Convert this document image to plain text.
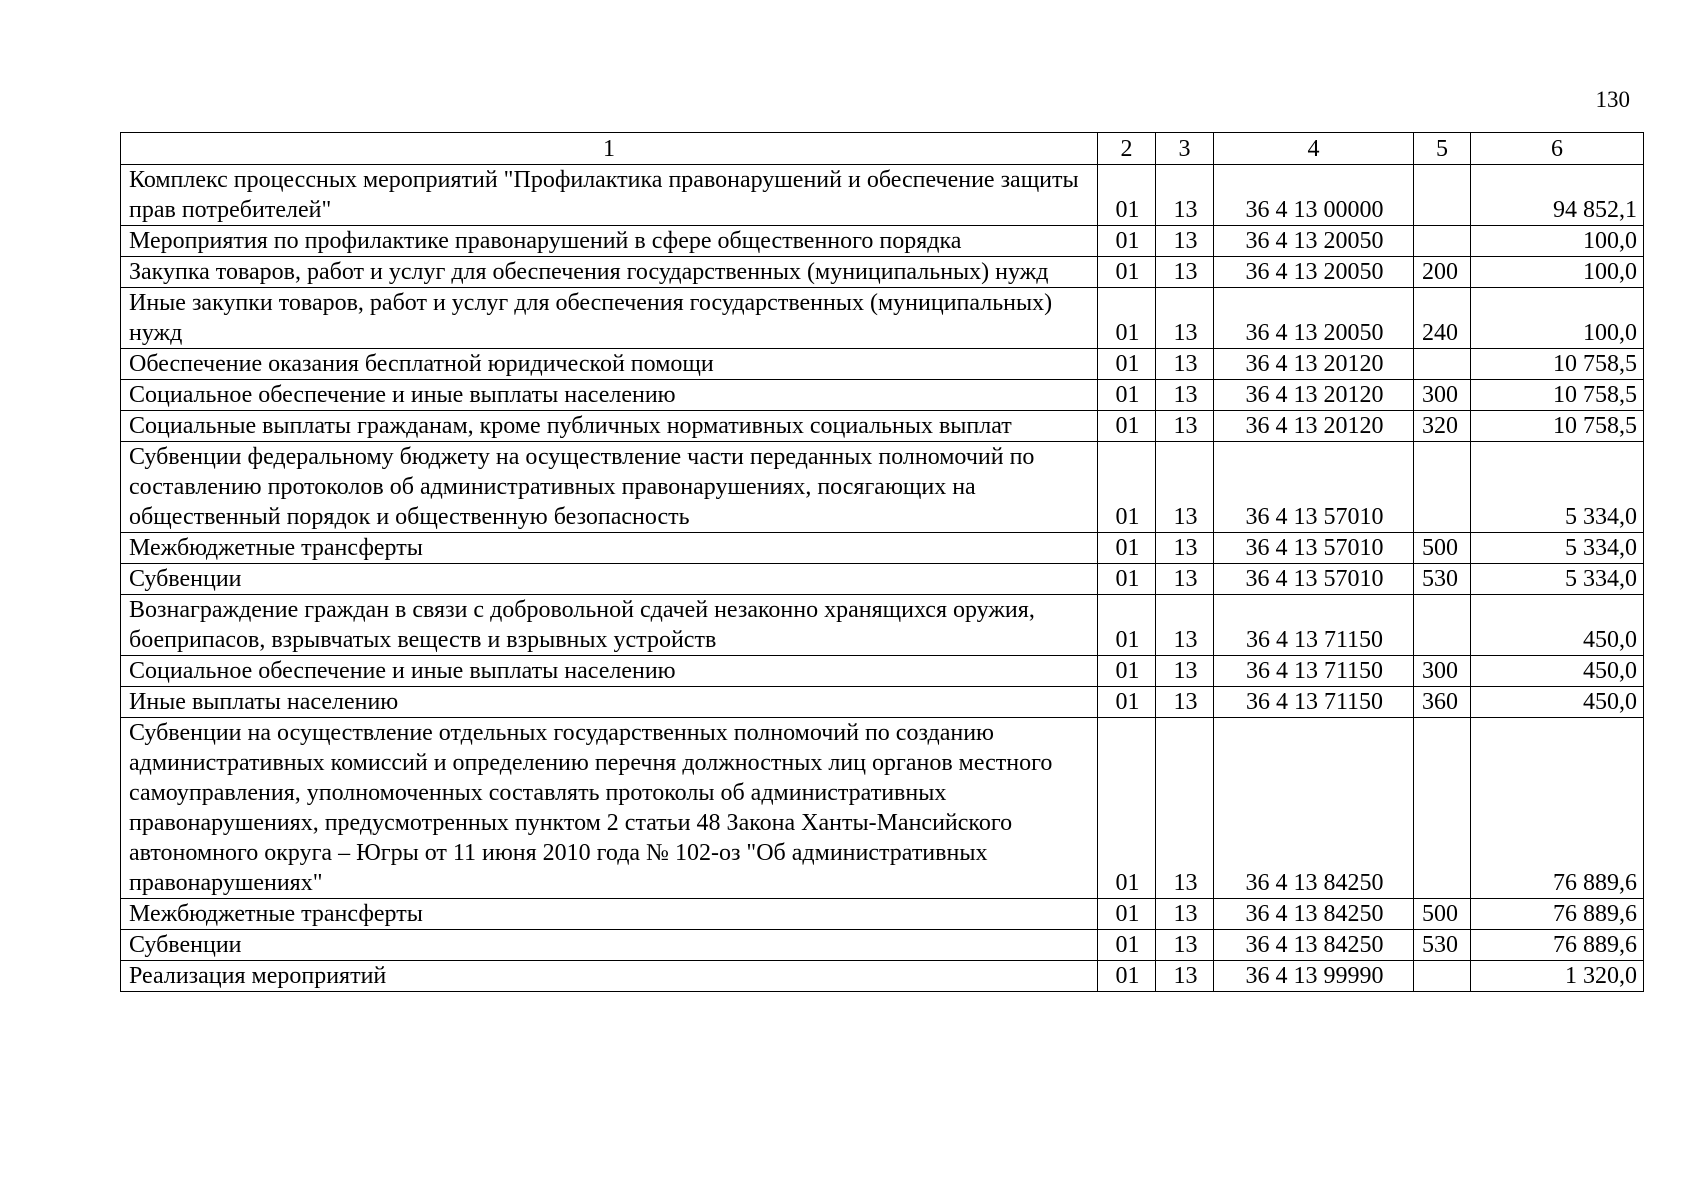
130
1	2	3	4	5	6
Комплекс процессных мероприятий "Профилактика правонарушений и обеспечение защиты прав потребителей"	01	13	36 4 13 00000		94 852,1
Мероприятия по профилактике правонарушений в сфере общественного порядка	01	13	36 4 13 20050		100,0
Закупка товаров, работ и услуг для обеспечения государственных (муниципальных) нужд	01	13	36 4 13 20050	200	100,0
Иные закупки товаров, работ и услуг для обеспечения государственных (муниципальных) нужд	01	13	36 4 13 20050	240	100,0
Обеспечение оказания бесплатной юридической помощи	01	13	36 4 13 20120		10 758,5
Социальное обеспечение и иные выплаты населению	01	13	36 4 13 20120	300	10 758,5
Социальные выплаты гражданам, кроме публичных нормативных социальных выплат	01	13	36 4 13 20120	320	10 758,5
Субвенции федеральному бюджету на осуществление части переданных полномочий по составлению протоколов об административных правонарушениях, посягающих на общественный порядок и общественную безопасность	01	13	36 4 13 57010		5 334,0
Межбюджетные трансферты	01	13	36 4 13 57010	500	5 334,0
Субвенции	01	13	36 4 13 57010	530	5 334,0
Вознаграждение граждан в связи с добровольной сдачей незаконно хранящихся оружия, боеприпасов, взрывчатых веществ и взрывных устройств	01	13	36 4 13 71150		450,0
Социальное обеспечение и иные выплаты населению	01	13	36 4 13 71150	300	450,0
Иные выплаты населению	01	13	36 4 13 71150	360	450,0
Субвенции на осуществление отдельных государственных полномочий по созданию административных комиссий и определению перечня должностных лиц органов местного самоуправления, уполномоченных составлять протоколы об административных правонарушениях, предусмотренных пунктом 2 статьи 48 Закона Ханты-Мансийского автономного округа – Югры от 11 июня 2010 года № 102-оз "Об административных правонарушениях"	01	13	36 4 13 84250		76 889,6
Межбюджетные трансферты	01	13	36 4 13 84250	500	76 889,6
Субвенции	01	13	36 4 13 84250	530	76 889,6
Реализация мероприятий	01	13	36 4 13 99990		1 320,0
